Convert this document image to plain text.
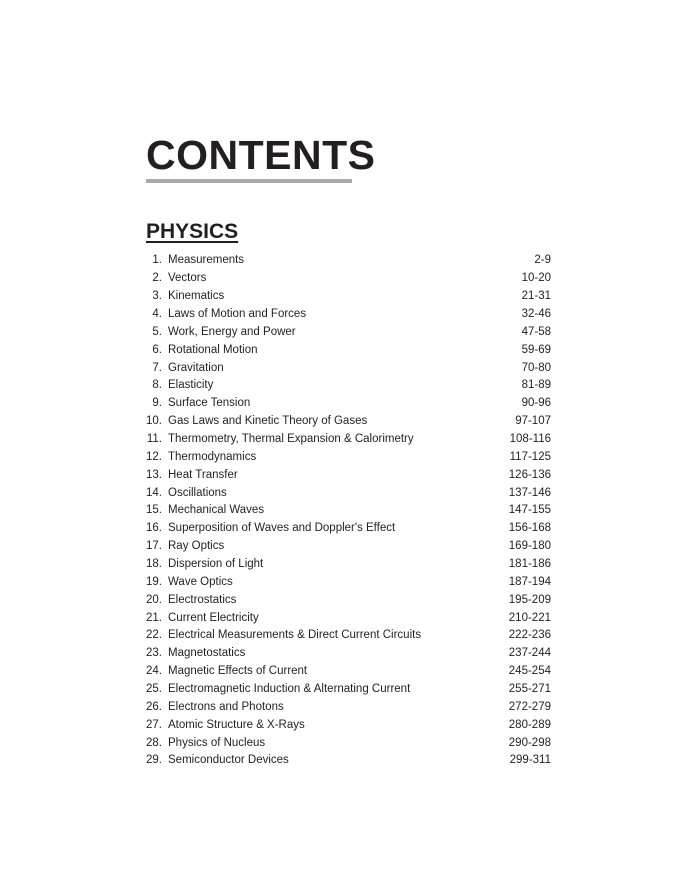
CONTENTS
PHYSICS
1. Measurements	2-9
2. Vectors	10-20
3. Kinematics	21-31
4. Laws of Motion and Forces	32-46
5. Work, Energy and Power	47-58
6. Rotational Motion	59-69
7. Gravitation	70-80
8. Elasticity	81-89
9. Surface Tension	90-96
10. Gas Laws and Kinetic Theory of Gases	97-107
11. Thermometry, Thermal Expansion & Calorimetry	108-116
12. Thermodynamics	117-125
13. Heat Transfer	126-136
14. Oscillations	137-146
15. Mechanical Waves	147-155
16. Superposition of Waves and Doppler's Effect	156-168
17. Ray Optics	169-180
18. Dispersion of Light	181-186
19. Wave Optics	187-194
20. Electrostatics	195-209
21. Current Electricity	210-221
22. Electrical Measurements & Direct Current Circuits	222-236
23. Magnetostatics	237-244
24. Magnetic Effects of Current	245-254
25. Electromagnetic Induction & Alternating Current	255-271
26. Electrons and Photons	272-279
27. Atomic Structure & X-Rays	280-289
28. Physics of Nucleus	290-298
29. Semiconductor Devices	299-311
